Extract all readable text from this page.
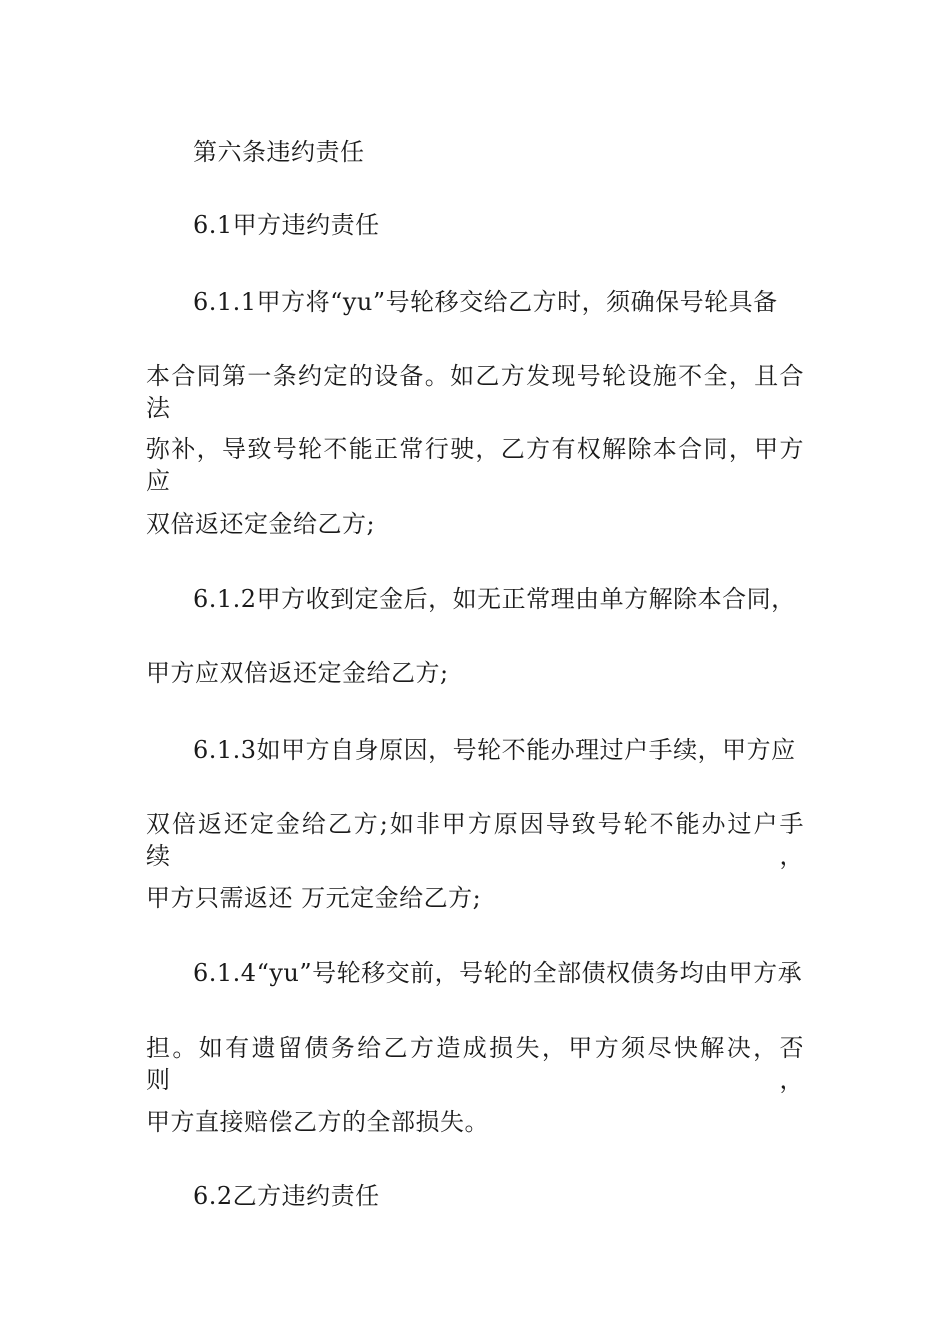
第六条违约责任
6.1甲方违约责任
6.1.1甲方将“yu”号轮移交给乙方时，须确保号轮具备
本合同第一条约定的设备。如乙方发现号轮设施不全，且合法
弥补，导致号轮不能正常行驶，乙方有权解除本合同，甲方应
双倍返还定金给乙方;
6.1.2甲方收到定金后，如无正常理由单方解除本合同，
甲方应双倍返还定金给乙方;
6.1.3如甲方自身原因，号轮不能办理过户手续，甲方应
双倍返还定金给乙方;如非甲方原因导致号轮不能办过户手续，
甲方只需返还 万元定金给乙方;
6.1.4“yu”号轮移交前，号轮的全部债权债务均由甲方承
担。如有遗留债务给乙方造成损失，甲方须尽快解决，否则，
甲方直接赔偿乙方的全部损失。
6.2乙方违约责任
